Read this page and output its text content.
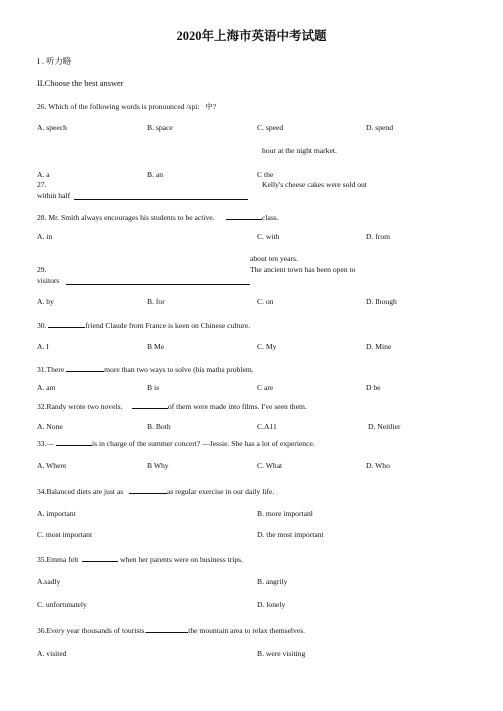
2020年上海市英语中考试题
I . 听力略
II.Choose the best answer
26. Which of the following words is pronounced /spi: 中?
A. speech	B. space	C. speed	D. spend
hour at the night market.
A. a	B. an	C the
27.	Kelly's cheese cakes were sold out
within half
28. Mr. Smith always encourages his students to be active.	class.
A. in	C. with	D. from
about ten years.
29.	The ancient town has been open to
visitors
A. by	B. for	C. on	D. Ihough
30.	friend Claude from France is keen on Chinese culture.
A. I	B Me	C. My	D. Mine
31.There	more than two ways to solve (his maths problem.
A. am	B is	C are	D be
32.Randy wrote two novels.	of them were made into films. I've seen them.
A. None	B. Both	C.A11	D. Neitlier
33.—	is in charge of the summer concert? —Jessie. She has a lot of experience.
A. Where	B Why	C. What	D. Who
34.Balanced diets are just as	as regular exercise in our daily life.
A. important	B. more importanl
C. most important	D. the most important
35.Emma felt	when her parents were on business trips.
A.sadly	B. angrily
C. unfortunately	D. lonely
36.Every year thousands of tourists.	the mountain area to relax themselves.
A. visited	B. were visiting
